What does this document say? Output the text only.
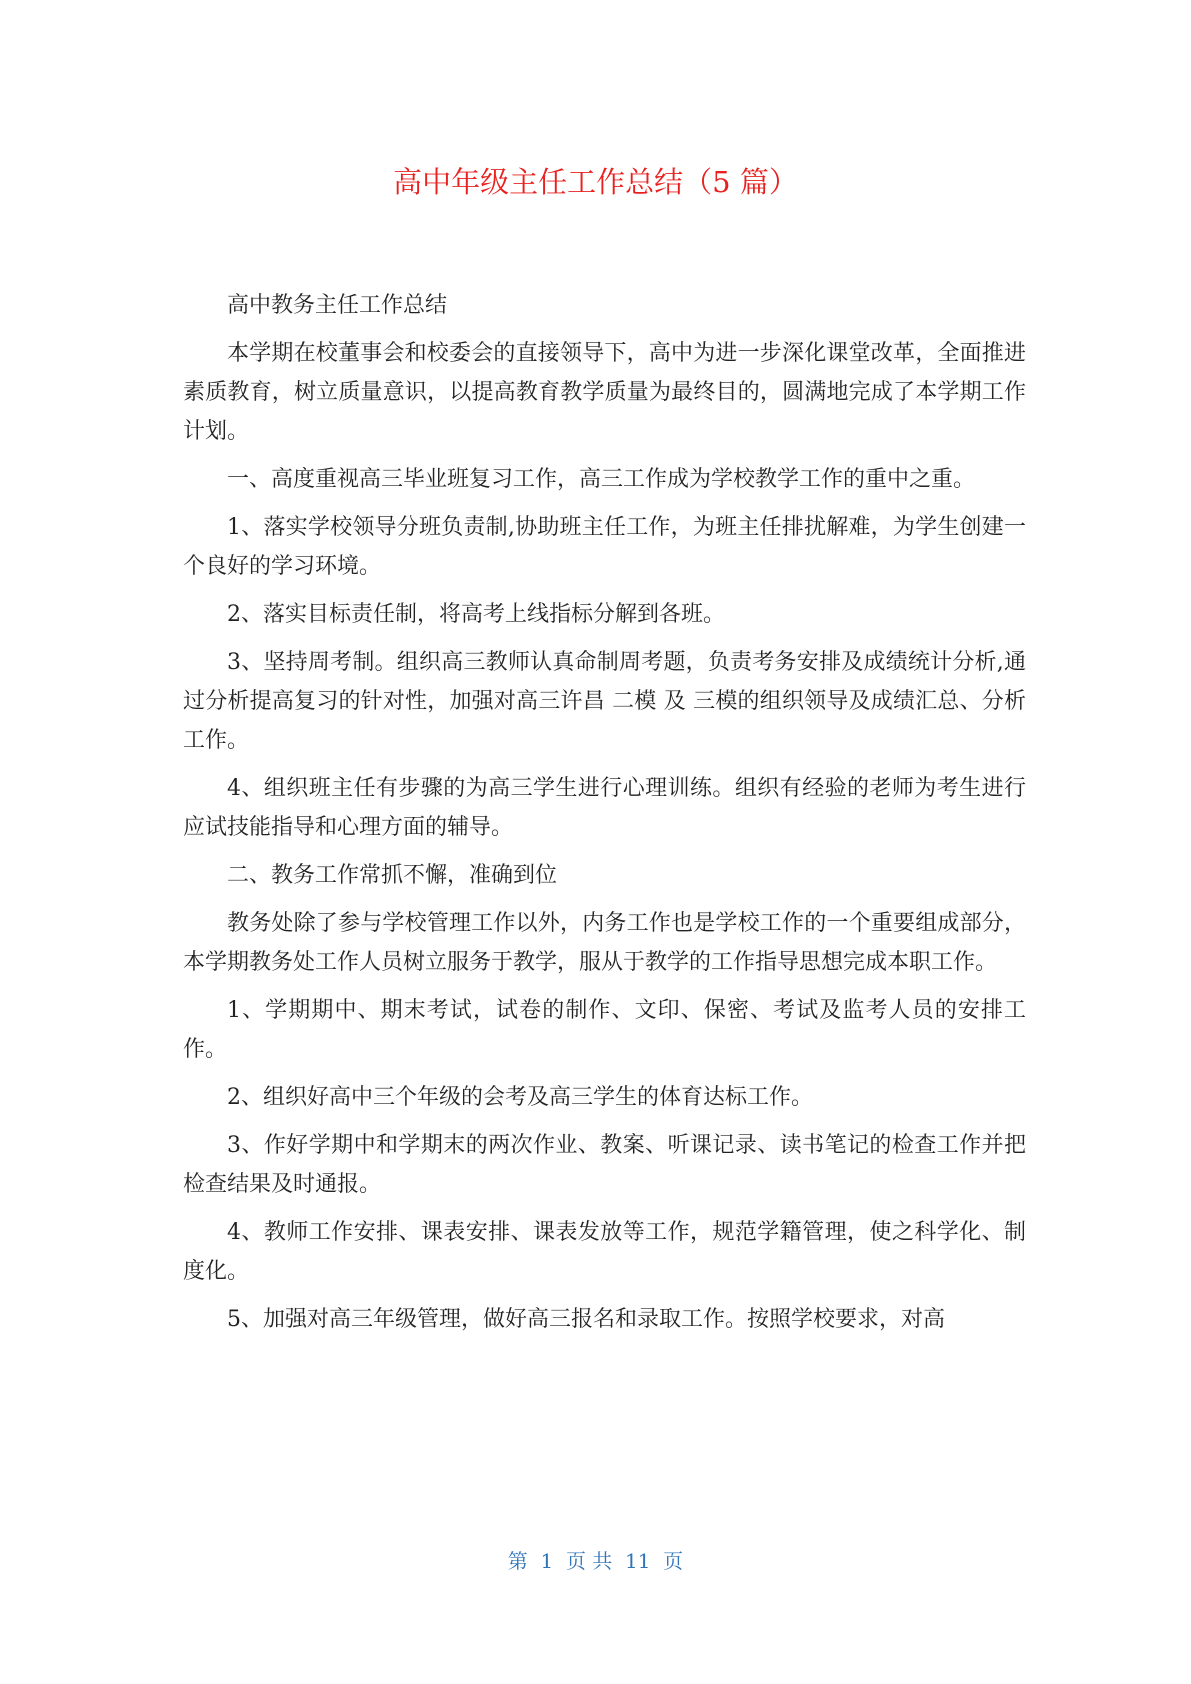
高中年级主任工作总结（5 篇）

高中教务主任工作总结

本学期在校董事会和校委会的直接领导下，高中为进一步深化课堂改革，全面推进素质教育，树立质量意识，以提高教育教学质量为最终目的，圆满地完成了本学期工作计划。

一、高度重视高三毕业班复习工作，高三工作成为学校教学工作的重中之重。

1、落实学校领导分班负责制,协助班主任工作，为班主任排扰解难，为学生创建一个良好的学习环境。

2、落实目标责任制，将高考上线指标分解到各班。

3、坚持周考制。组织高三教师认真命制周考题，负责考务安排及成绩统计分析,通过分析提高复习的针对性，加强对高三许昌 二模 及 三模的组织领导及成绩汇总、分析工作。

4、组织班主任有步骤的为高三学生进行心理训练。组织有经验的老师为考生进行应试技能指导和心理方面的辅导。

二、教务工作常抓不懈，准确到位

教务处除了参与学校管理工作以外，内务工作也是学校工作的一个重要组成部分，本学期教务处工作人员树立服务于教学，服从于教学的工作指导思想完成本职工作。

1、学期期中、期末考试，试卷的制作、文印、保密、考试及监考人员的安排工作。

2、组织好高中三个年级的会考及高三学生的体育达标工作。

3、作好学期中和学期末的两次作业、教案、听课记录、读书笔记的检查工作并把检查结果及时通报。

4、教师工作安排、课表安排、课表发放等工作，规范学籍管理，使之科学化、制度化。

5、加强对高三年级管理，做好高三报名和录取工作。按照学校要求，对高

第  1  页 共  11  页
